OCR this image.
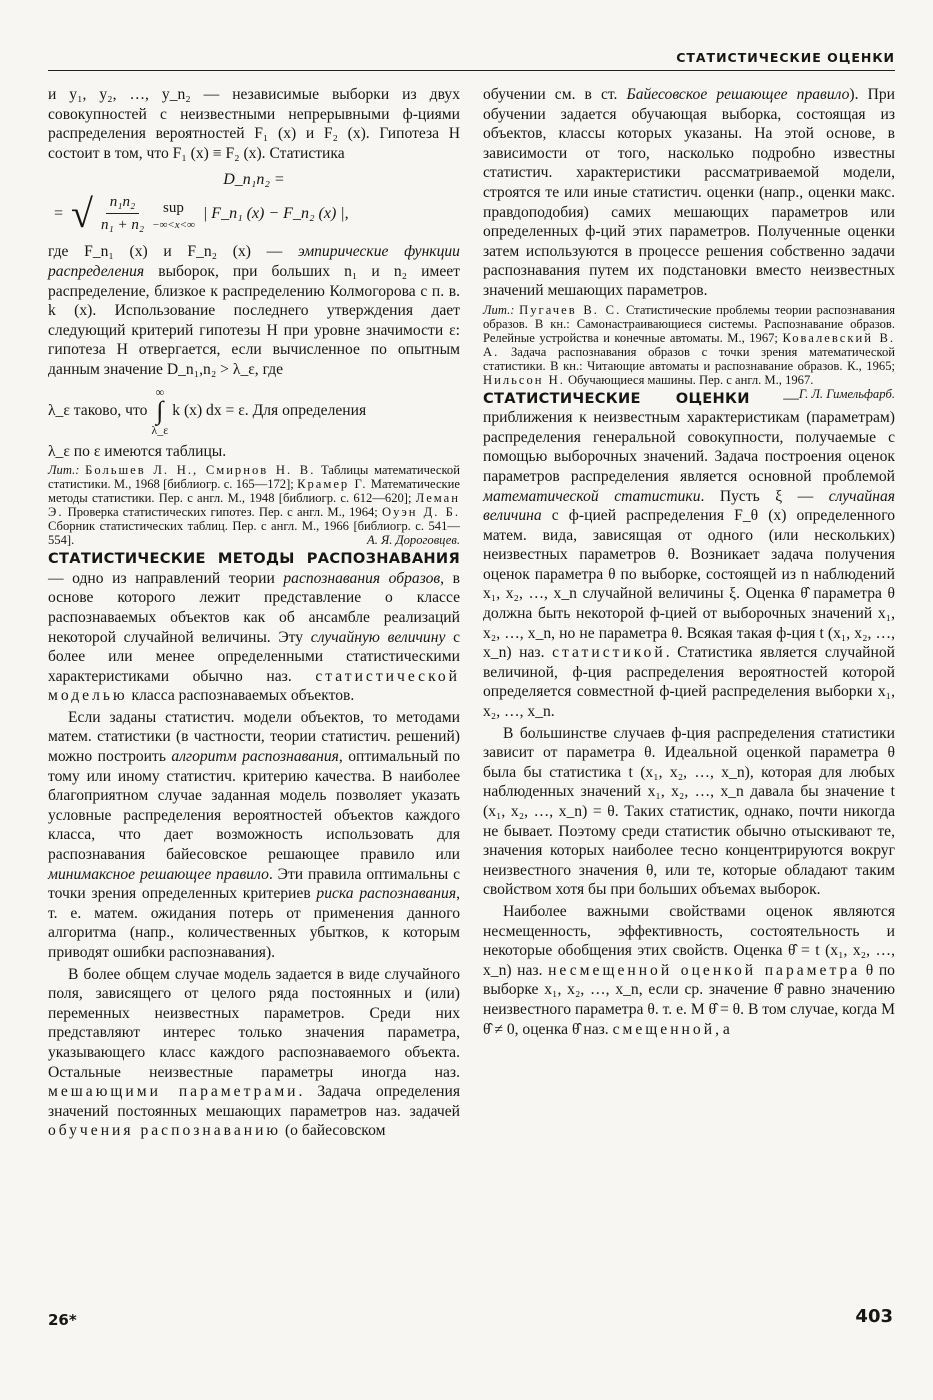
СТАТИСТИЧЕСКИЕ ОЦЕНКИ

и y₁, y₂, …, y_n₂ — независимые выборки из двух совокупностей с неизвестными непрерывными ф-циями распределения вероятностей F₁ (x) и F₂ (x). Гипотеза H состоит в том, что F₁ (x) ≡ F₂ (x). Статистика

D_n₁n₂ =
= √ $\frac{\text{n₁n₂}}{\text{n₁ + n₂}}$ sup
−∞<x<∞
| F_n₁ (x) − F_n₂ (x) |,

где F_n₁ (x) и F_n₂ (x) — эмпирические функции распределения выборок, при больших n₁ и n₂ имеет распределение, близкое к распределению Колмогорова с п. в. k (x). Использование последнего утверждения дает следующий критерий гипотезы H при уровне значимости ε: гипотеза H отвергается, если вычисленное по опытным данным значение D_n₁,n₂ > λ_ε, где

λ_ε таково, что
∞
∫
λ_ε
k (x) dx = ε. Для определения

λ_ε по ε имеются таблицы.

Лит.: Большев Л. Н., Смирнов Н. В. Таблицы математической статистики. М., 1968 [библиогр. с. 165—172]; Крамер Г. Математические методы статистики. Пер. с англ. М., 1948 [библиогр. с. 612—620]; Леман Э. Проверка статистических гипотез. Пер. с англ. М., 1964; Оуэн Д. Б. Сборник статистических таблиц. Пер. с англ. М., 1966 [библиогр. с. 541—554].	А. Я. Дороговцев.

СТАТИСТИЧЕСКИЕ МЕТОДЫ РАСПОЗНАВАНИЯ — одно из направлений теории распознавания образов, в основе которого лежит представление о классе распознаваемых объектов как об ансамбле реализаций некоторой случайной величины. Эту случайную величину с более или менее определенными статистическими характеристиками обычно наз. статистической моделью класса распознаваемых объектов.

Если заданы статистич. модели объектов, то методами матем. статистики (в частности, теории статистич. решений) можно построить алгоритм распознавания, оптимальный по тому или иному статистич. критерию качества. В наиболее благоприятном случае заданная модель позволяет указать условные распределения вероятностей объектов каждого класса, что дает возможность использовать для распознавания байесовское решающее правило или минимаксное решающее правило. Эти правила оптимальны с точки зрения определенных критериев риска распознавания, т. е. матем. ожидания потерь от применения данного алгоритма (напр., количественных убытков, к которым приводят ошибки распознавания).

В более общем случае модель задается в виде случайного поля, зависящего от целого ряда постоянных и (или) переменных неизвестных параметров. Среди них представляют интерес только значения параметра, указывающего класс каждого распознаваемого объекта. Остальные неизвестные параметры иногда наз. мешающими параметрами. Задача определения значений постоянных мешающих параметров наз. задачей обучения распознаванию (о байесовском

обучении см. в ст. Байесовское решающее правило). При обучении задается обучающая выборка, состоящая из объектов, классы которых указаны. На этой основе, в зависимости от того, насколько подробно известны статистич. характеристики рассматриваемой модели, строятся те или иные статистич. оценки (напр., оценки макс. правдоподобия) самих мешающих параметров или определенных ф-ций этих параметров. Полученные оценки затем используются в процессе решения собственно задачи распознавания путем их подстановки вместо неизвестных значений мешающих параметров.

Лит.: Пугачев В. С. Статистические проблемы теории распознавания образов. В кн.: Самонастраивающиеся системы. Распознавание образов. Релейные устройства и конечные автоматы. М., 1967; Ковалевский В. А. Задача распознавания образов с точки зрения математической статистики. В кн.: Читающие автоматы и распознавание образов. К., 1965; Нильсон Н. Обучающиеся машины. Пер. с англ. М., 1967.
Г. Л. Гимельфарб.

СТАТИСТИЧЕСКИЕ ОЦЕНКИ — приближения к неизвестным характеристикам (параметрам) распределения генеральной совокупности, получаемые с помощью выборочных значений. Задача построения оценок параметров распределения является основной проблемой математической статистики. Пусть ξ — случайная величина с ф-цией распределения F_θ (x) определенного матем. вида, зависящая от одного (или нескольких) неизвестных параметров θ. Возникает задача получения оценок параметра θ по выборке, состоящей из n наблюдений x₁, x₂, …, x_n случайной величины ξ. Оценка θ̂ параметра θ должна быть некоторой ф-цией от выборочных значений x₁, x₂, …, x_n, но не параметра θ. Всякая такая ф-ция t (x₁, x₂, …, x_n) наз. статистикой. Статистика является случайной величиной, ф-ция распределения вероятностей которой определяется совместной ф-цией распределения выборки x₁, x₂, …, x_n.

В большинстве случаев ф-ция распределения статистики зависит от параметра θ. Идеальной оценкой параметра θ была бы статистика t (x₁, x₂, …, x_n), которая для любых наблюденных значений x₁, x₂, …, x_n давала бы значение t (x₁, x₂, …, x_n) = θ. Таких статистик, однако, почти никогда не бывает. Поэтому среди статистик обычно отыскивают те, значения которых наиболее тесно концентрируются вокруг неизвестного значения θ, или те, которые обладают таким свойством хотя бы при больших объемах выборок.

Наиболее важными свойствами оценок являются несмещенность, эффективность, состоятельность и некоторые обобщения этих свойств. Оценка θ̂ = t (x₁, x₂, …, x_n) наз. несмещенной оценкой параметра θ по выборке x₁, x₂, …, x_n, если ср. значение θ̂ равно значению неизвестного параметра θ. т. е. M θ̂ = θ. В том случае, когда M θ̂ ≠ 0, оценка θ̂ наз. смещенной, а

26*	403
